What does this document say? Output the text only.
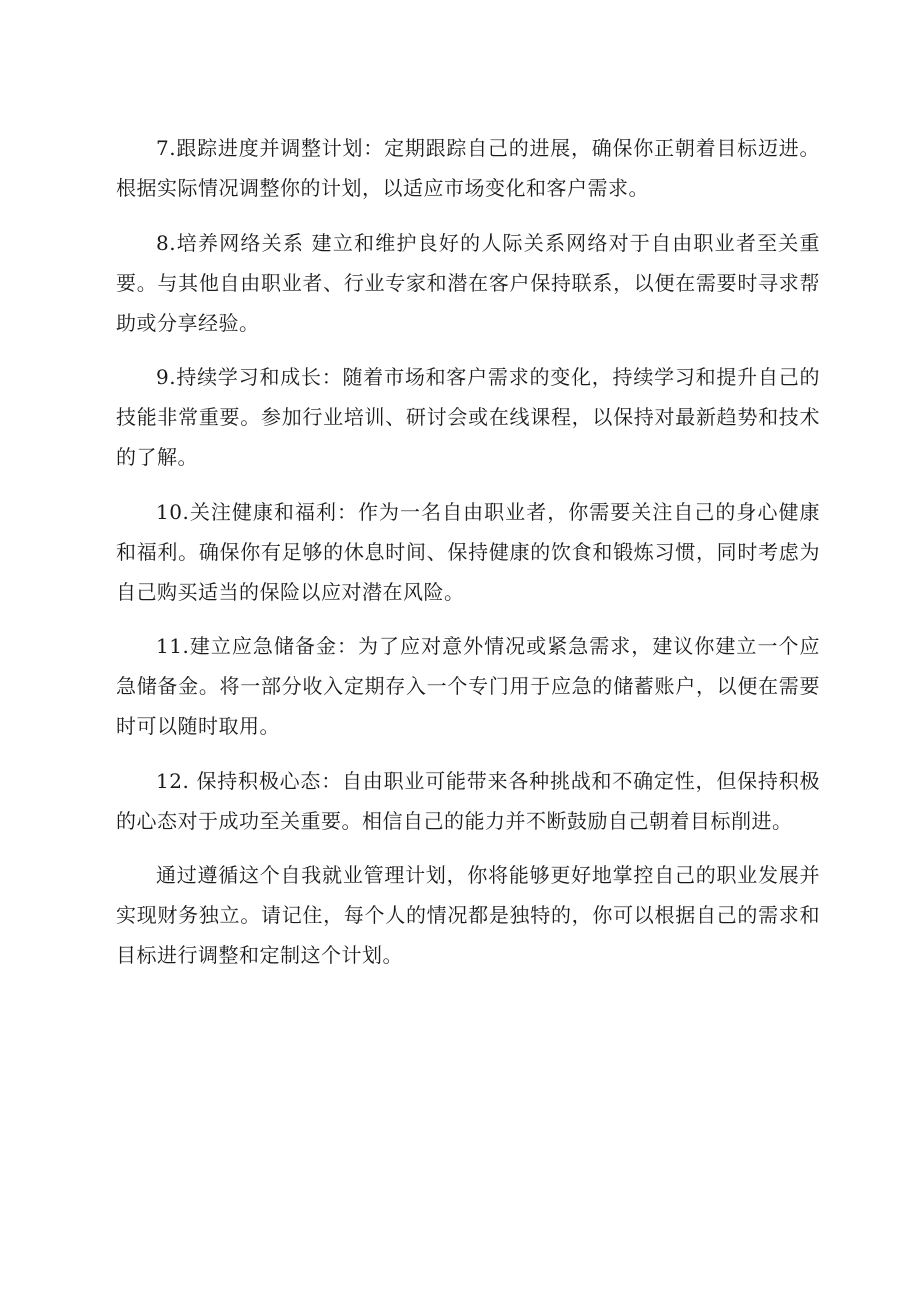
7.跟踪进度并调整计划：定期跟踪自己的进展，确保你正朝着目标迈进。根据实际情况调整你的计划，以适应市场变化和客户需求。

8.培养网络关系 建立和维护良好的人际关系网络对于自由职业者至关重要。与其他自由职业者、行业专家和潜在客户保持联系，以便在需要时寻求帮助或分享经验。

9.持续学习和成长：随着市场和客户需求的变化，持续学习和提升自己的技能非常重要。参加行业培训、研讨会或在线课程，以保持对最新趋势和技术的了解。

10.关注健康和福利：作为一名自由职业者，你需要关注自己的身心健康和福利。确保你有足够的休息时间、保持健康的饮食和锻炼习惯，同时考虑为自己购买适当的保险以应对潜在风险。

11.建立应急储备金：为了应对意外情况或紧急需求，建议你建立一个应急储备金。将一部分收入定期存入一个专门用于应急的储蓄账户，以便在需要时可以随时取用。

12. 保持积极心态：自由职业可能带来各种挑战和不确定性，但保持积极的心态对于成功至关重要。相信自己的能力并不断鼓励自己朝着目标削进。

通过遵循这个自我就业管理计划，你将能够更好地掌控自己的职业发展并实现财务独立。请记住，每个人的情况都是独特的，你可以根据自己的需求和目标进行调整和定制这个计划。
